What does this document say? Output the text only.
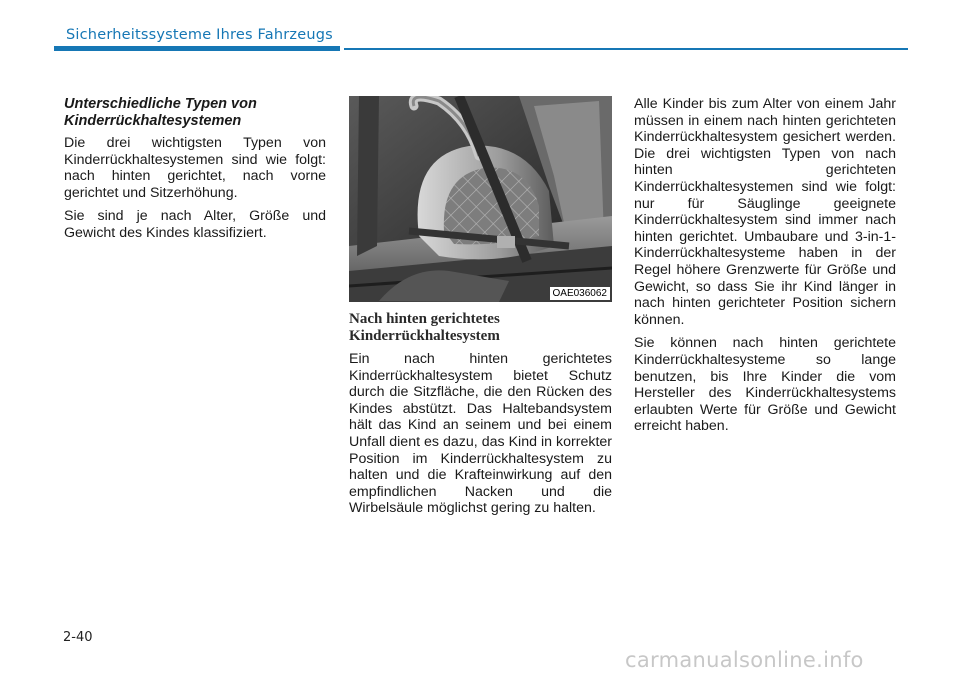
Sicherheitssysteme Ihres Fahrzeugs
Unterschiedliche Typen von Kinderrückhaltesystemen

Die drei wichtigsten Typen von Kinderrückhaltesystemen sind wie folgt: nach hinten gerichtet, nach vorne gerichtet und Sitzerhöhung.

Sie sind je nach Alter, Größe und Gewicht des Kindes klassifiziert.

OAE036062
Nach hinten gerichtetes Kinderrückhaltesystem

Ein nach hinten gerichtetes Kinderrückhaltesystem bietet Schutz durch die Sitzfläche, die den Rücken des Kindes abstützt. Das Haltebandsystem hält das Kind an seinem und bei einem Unfall dient es dazu, das Kind in korrekter Position im Kinderrückhaltesystem zu halten und die Krafteinwirkung auf den empfindlichen Nacken und die Wirbelsäule möglichst gering zu halten.

Alle Kinder bis zum Alter von einem Jahr müssen in einem nach hinten gerichteten Kinderrückhaltesystem gesichert werden. Die drei wichtigsten Typen von nach hinten gerichteten Kinderrückhaltesystemen sind wie folgt: nur für Säuglinge geeignete Kinderrückhaltesystem sind immer nach hinten gerichtet. Umbaubare und 3-in-1-Kinderrückhaltesysteme haben in der Regel höhere Grenzwerte für Größe und Gewicht, so dass Sie ihr Kind länger in nach hinten gerichteter Position sichern können.

Sie können nach hinten gerichtete Kinderrückhaltesysteme so lange benutzen, bis Ihre Kinder die vom Hersteller des Kinderrückhaltesystems erlaubten Werte für Größe und Gewicht erreicht haben.

2-40
carmanualsonline.info
